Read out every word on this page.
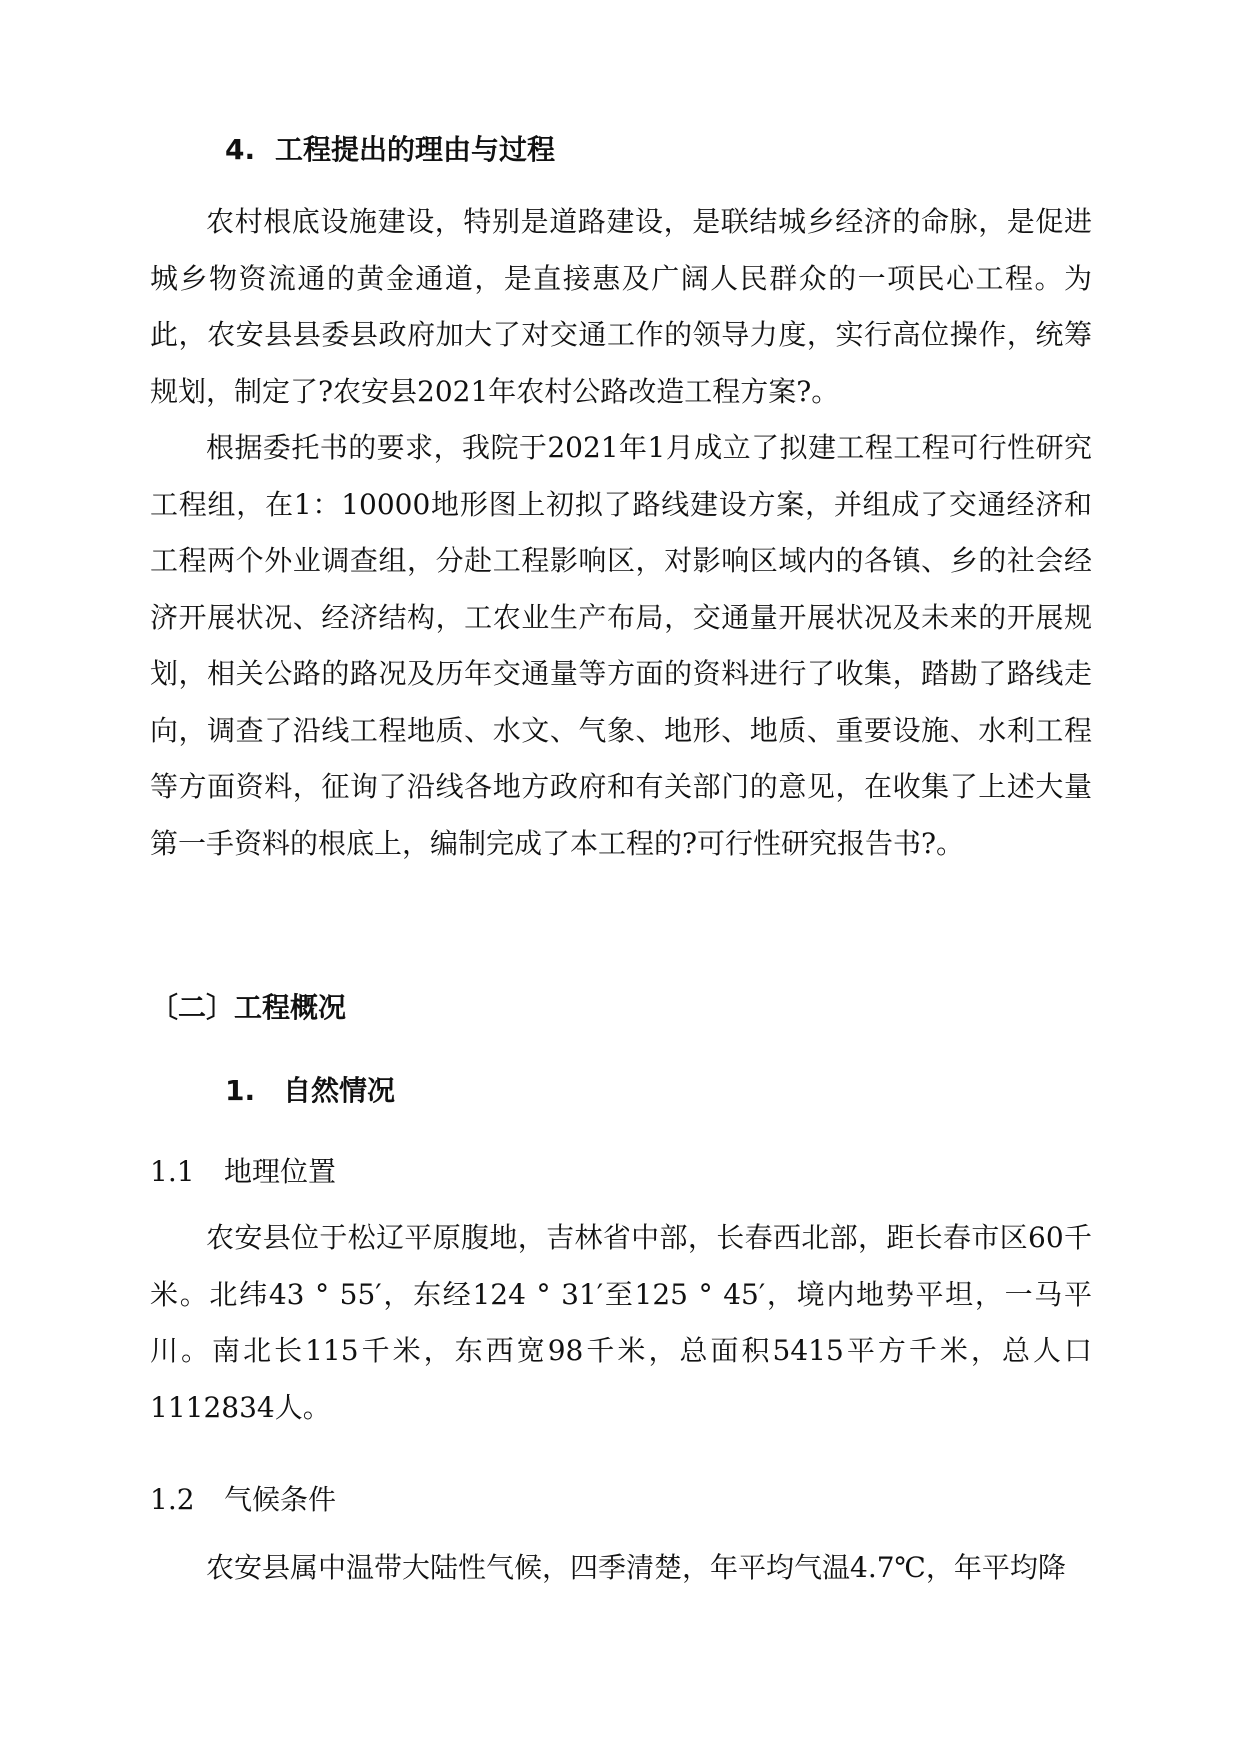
4. 工程提出的理由与过程

农村根底设施建设，特别是道路建设，是联结城乡经济的命脉，是促进城乡物资流通的黄金通道，是直接惠及广阔人民群众的一项民心工程。为此，农安县县委县政府加大了对交通工作的领导力度，实行高位操作，统筹规划，制定了?农安县2021年农村公路改造工程方案?。

根据委托书的要求，我院于2021年1月成立了拟建工程工程可行性研究工程组，在1：10000地形图上初拟了路线建设方案，并组成了交通经济和工程两个外业调查组，分赴工程影响区，对影响区域内的各镇、乡的社会经济开展状况、经济结构，工农业生产布局，交通量开展状况及未来的开展规划，相关公路的路况及历年交通量等方面的资料进行了收集，踏勘了路线走向，调查了沿线工程地质、水文、气象、地形、地质、重要设施、水利工程等方面资料，征询了沿线各地方政府和有关部门的意见，在收集了上述大量第一手资料的根底上，编制完成了本工程的?可行性研究报告书?。

〔二〕工程概况
1. 自然情况
1.1 地理位置

农安县位于松辽平原腹地，吉林省中部，长春西北部，距长春市区60千米。北纬43 ° 55′，东经124 ° 31′至125 ° 45′，境内地势平坦，一马平川。南北长115千米，东西宽98千米，总面积5415平方千米，总人口1112834人。

1.2 气候条件

农安县属中温带大陆性气候，四季清楚，年平均气温4.7℃，年平均降
